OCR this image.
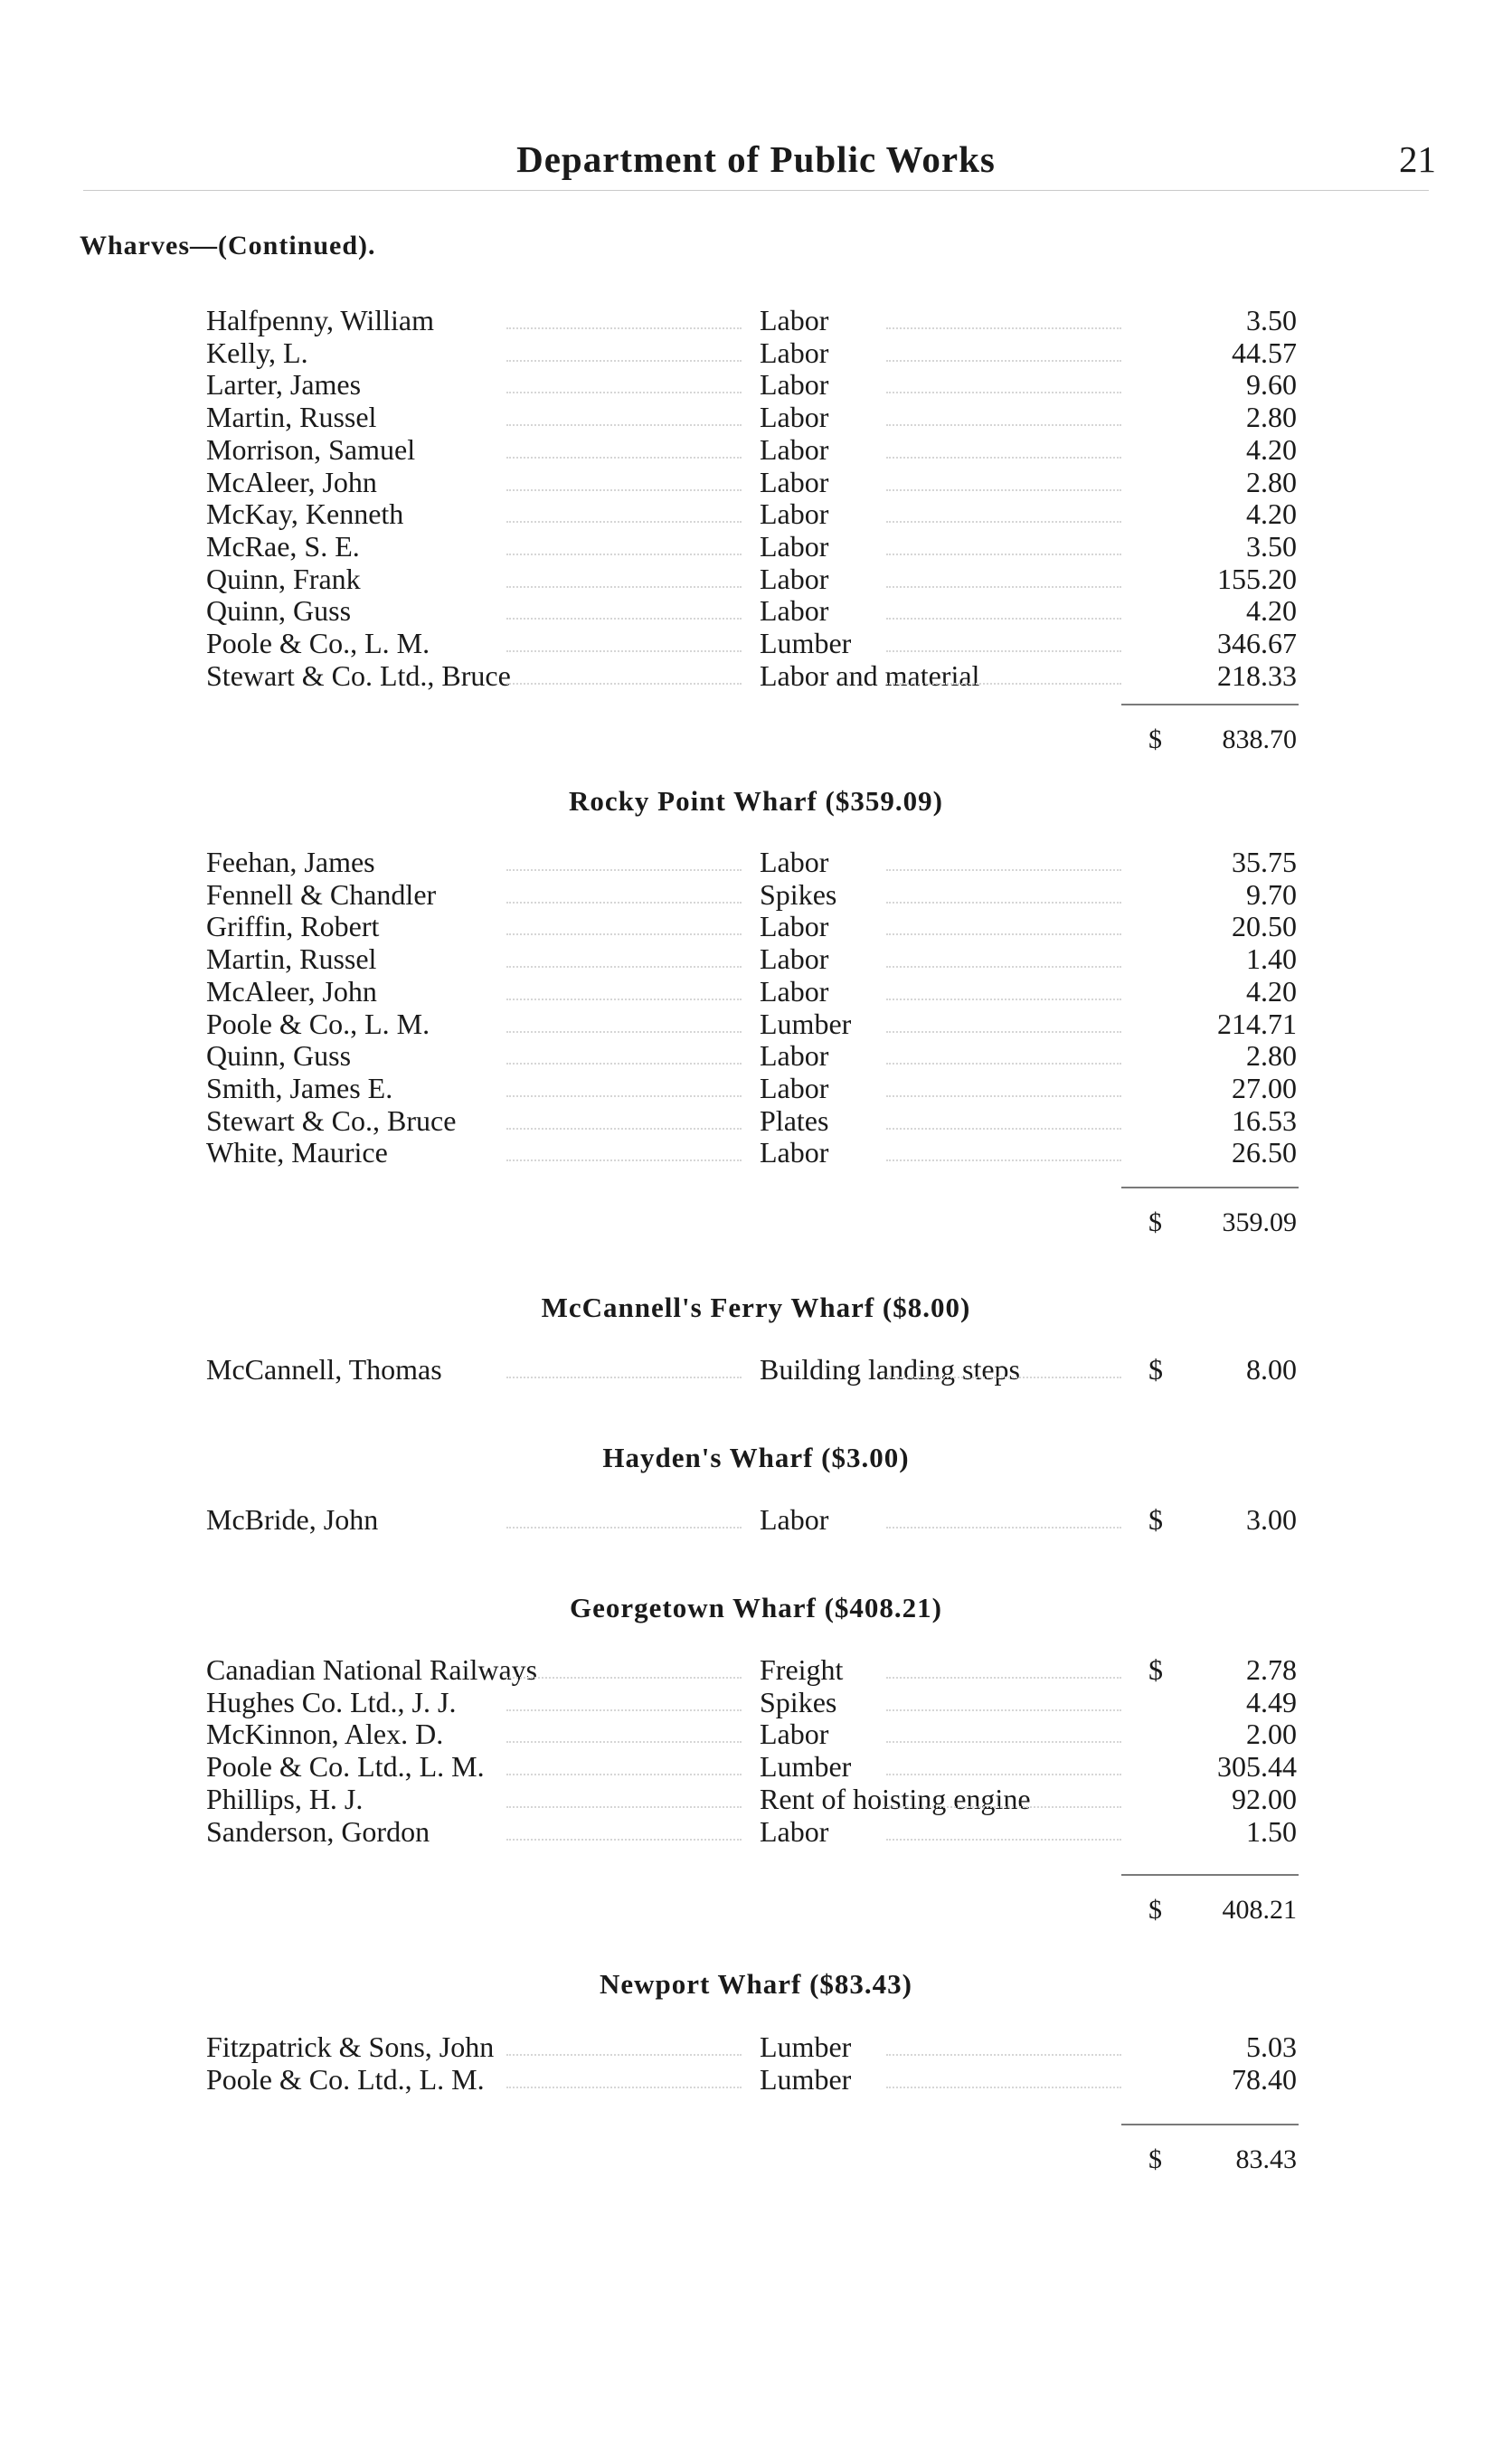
Department of Public Works	21
Wharves—(Continued).
Halfpenny, William	Labor	3.50
Kelly, L.	Labor	44.57
Larter, James	Labor	9.60
Martin, Russel	Labor	2.80
Morrison, Samuel	Labor	4.20
McAleer, John	Labor	2.80
McKay, Kenneth	Labor	4.20
McRae, S. E.	Labor	3.50
Quinn, Frank	Labor	155.20
Quinn, Guss	Labor	4.20
Poole & Co., L. M.	Lumber	346.67
Stewart & Co. Ltd., Bruce	Labor and material	218.33
$ 838.70
Rocky Point Wharf ($359.09)
Feehan, James	Labor	35.75
Fennell & Chandler	Spikes	9.70
Griffin, Robert	Labor	20.50
Martin, Russel	Labor	1.40
McAleer, John	Labor	4.20
Poole & Co., L. M.	Lumber	214.71
Quinn, Guss	Labor	2.80
Smith, James E.	Labor	27.00
Stewart & Co., Bruce	Plates	16.53
White, Maurice	Labor	26.50
$ 359.09
McCannell's Ferry Wharf ($8.00)
McCannell, Thomas	Building landing steps	$	8.00
Hayden's Wharf ($3.00)
McBride, John	Labor	$	3.00
Georgetown Wharf ($408.21)
Canadian National Railways	Freight	$	2.78
Hughes Co. Ltd., J. J.	Spikes	4.49
McKinnon, Alex. D.	Labor	2.00
Poole & Co. Ltd., L. M.	Lumber	305.44
Phillips, H. J.	Rent of hoisting engine	92.00
Sanderson, Gordon	Labor	1.50
$ 408.21
Newport Wharf ($83.43)
Fitzpatrick & Sons, John	Lumber	5.03
Poole & Co. Ltd., L. M.	Lumber	78.40
$	83.43
